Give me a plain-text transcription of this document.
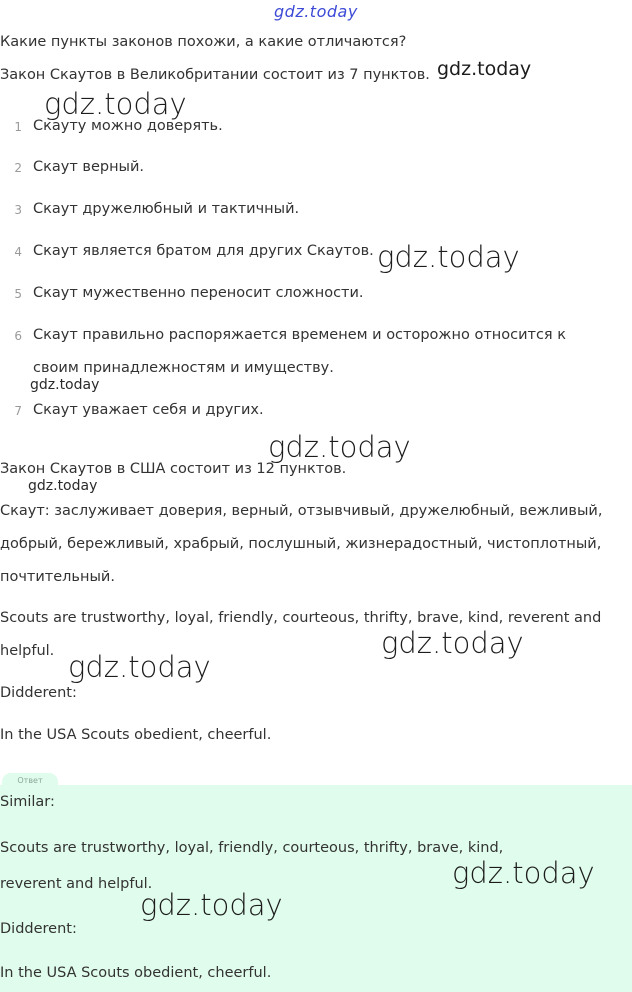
gdz.today
Какие пункты законов похожи, а какие отличаются?
Закон Скаутов в Великобритании состоит из 7 пунктов. gdz.today
gdz.today
1 Скауту можно доверять.
2 Скаут верный.
3 Скаут дружелюбный и тактичный.
4 Скаут является братом для других Скаутов.
5 Скаут мужественно переносит сложности.
6 Скаут правильно распоряжается временем и осторожно относится к
своим принадлежностям и имуществу.
7 Скаут уважает себя и других.
gdz.today
gdz.today
gdz.today
Закон Скаутов в США состоит из 12 пунктов.
gdz.today
Скаут: заслуживает доверия, верный, отзывчивый, дружелюбный, вежливый,
добрый, бережливый, храбрый, послушный, жизнерадостный, чистоплотный,
почтительный.
Scouts are trustworthy, loyal, friendly, courteous, thrifty, brave, kind, reverent and
helpful.	gdz.today
gdz.today
Didderent:
In the USA Scouts obedient, cheerful.
Ответ
Similar:
Scouts are trustworthy, loyal, friendly, courteous, thrifty, brave, kind,
reverent and helpful.	gdz.today
gdz.today
Didderent:
In the USA Scouts obedient, cheerful.
